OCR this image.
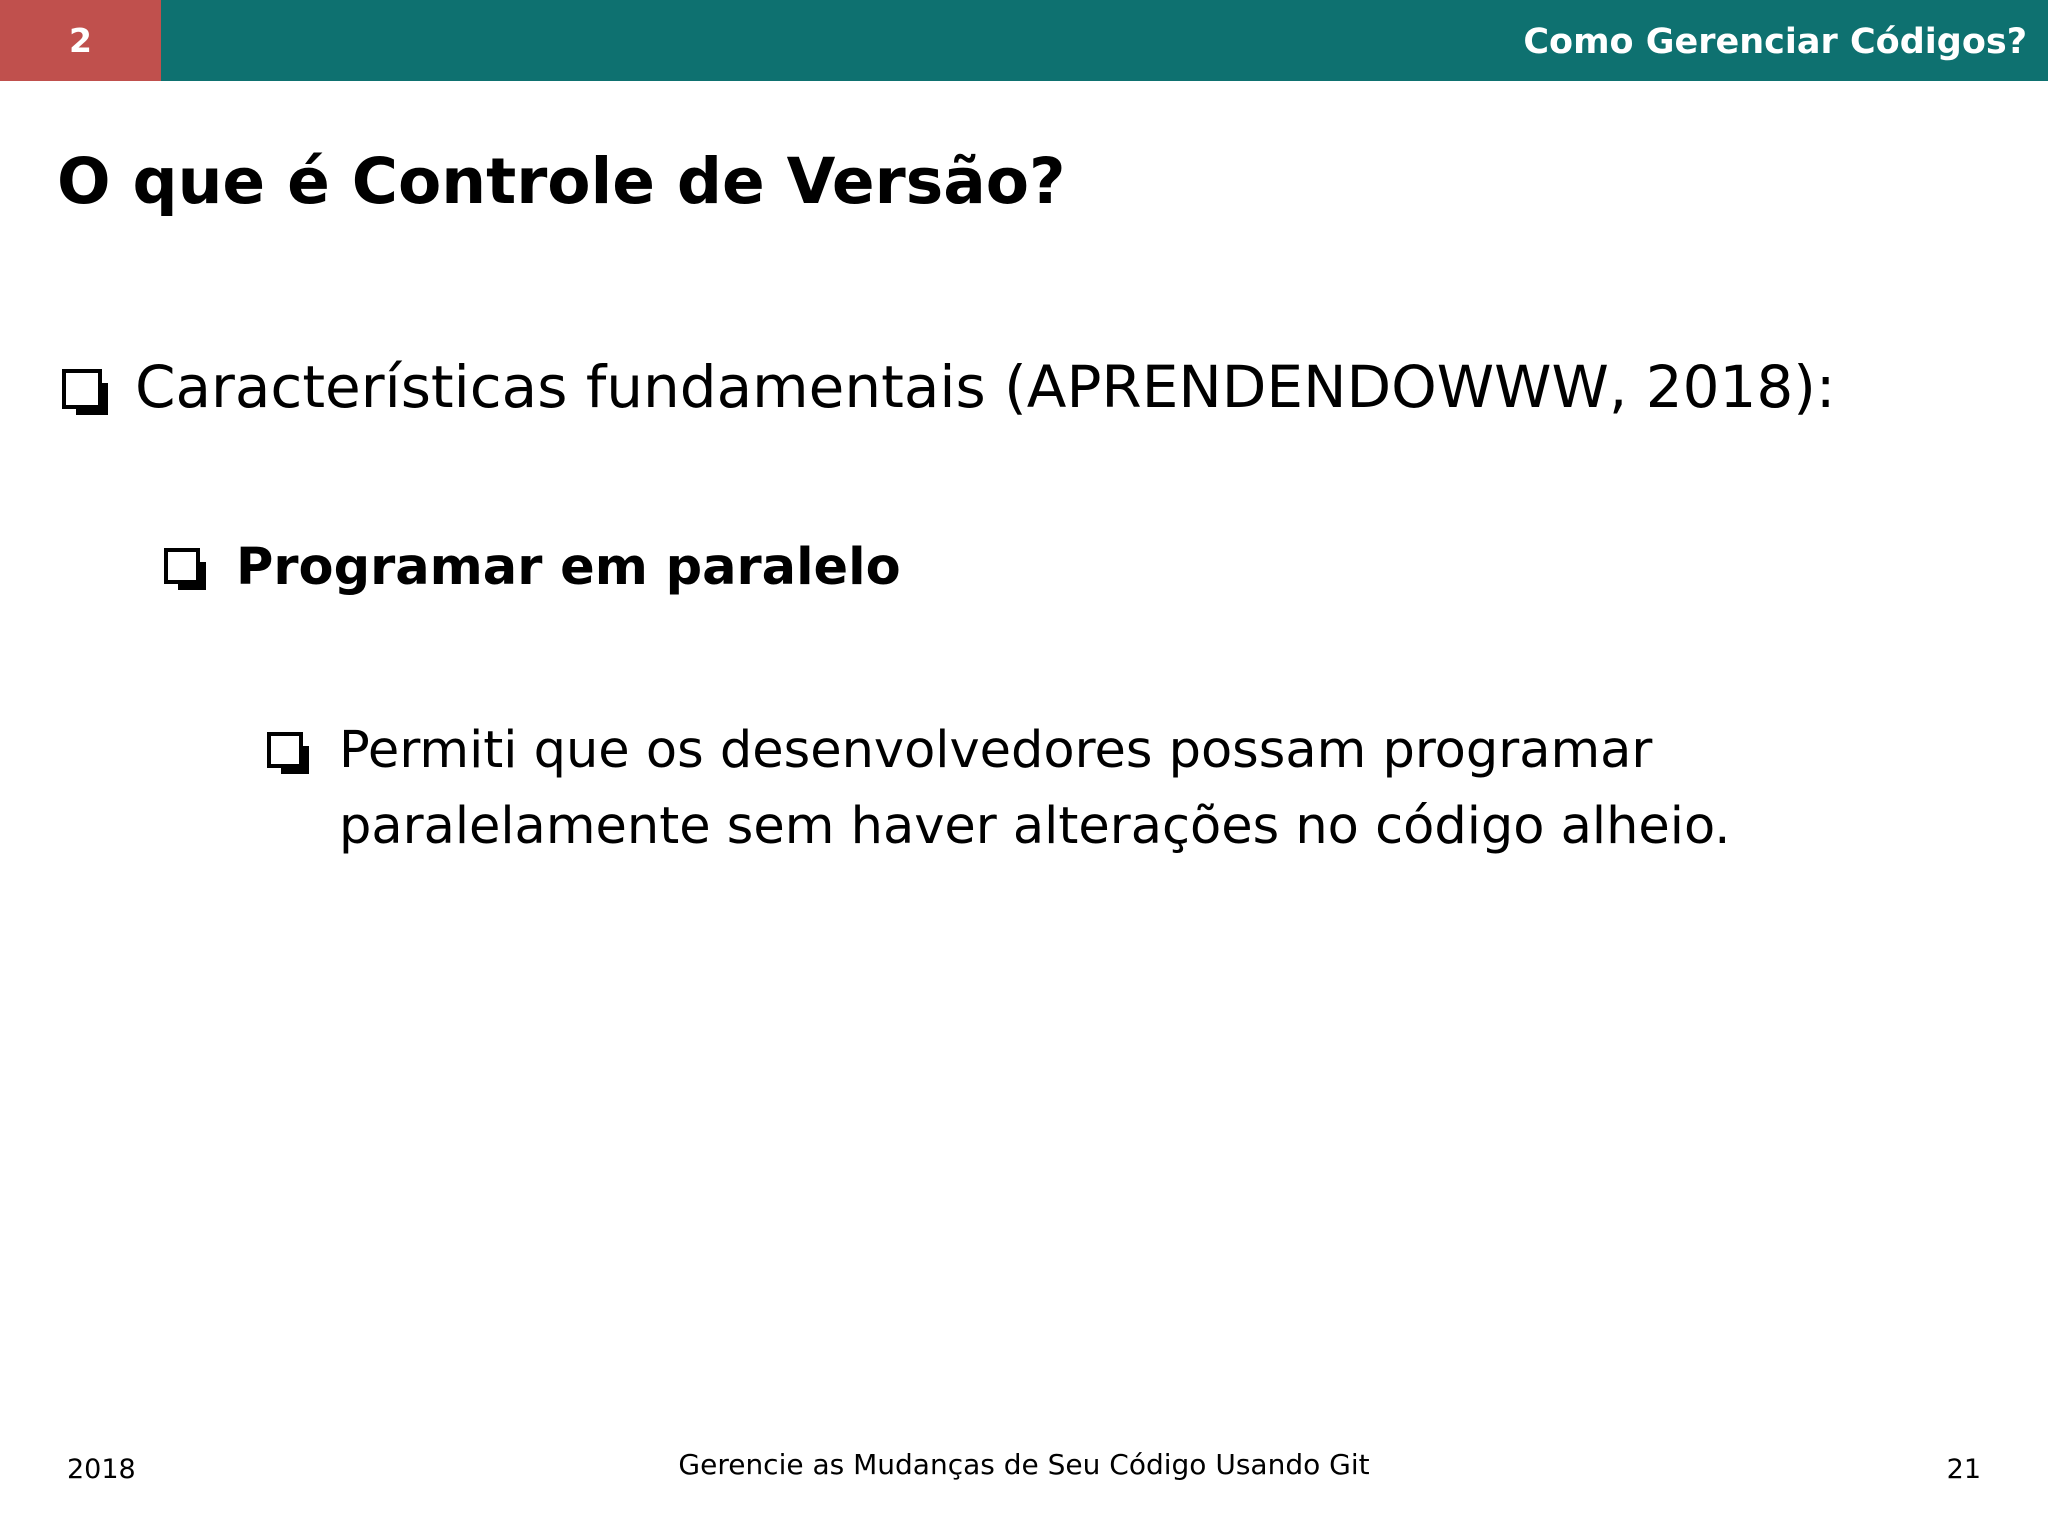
2	Como Gerenciar Códigos?
O que é Controle de Versão?
Características fundamentais (APRENDENDOWWW, 2018):
Programar em paralelo
Permiti que os desenvolvedores possam programar
paralelamente sem haver alterações no código alheio.
2018	Gerencie as Mudanças de Seu Código Usando Git	21
